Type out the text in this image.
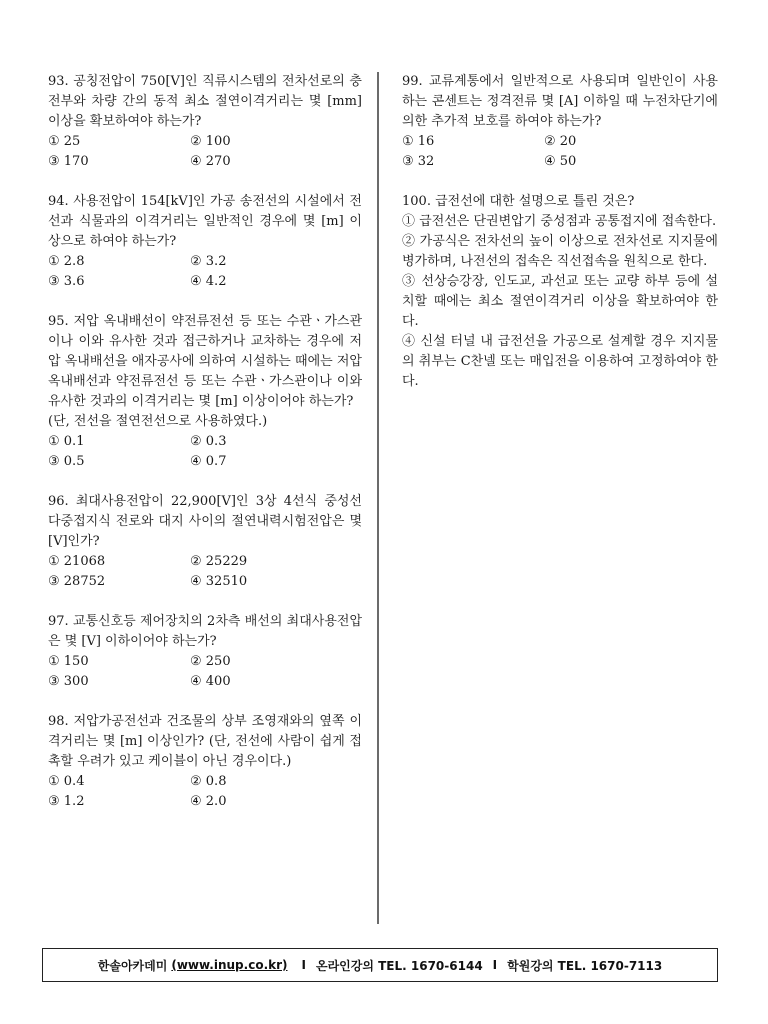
93. 공칭전압이 750[V]인 직류시스템의 전차선로의 충전부와 차량 간의 동적 최소 절연이격거리는 몇 [mm] 이상을 확보하여야 하는가?
① 25	② 100
③ 170	④ 270
94. 사용전압이 154[kV]인 가공 송전선의 시설에서 전선과 식물과의 이격거리는 일반적인 경우에 몇 [m] 이상으로 하여야 하는가?
① 2.8	② 3.2
③ 3.6	④ 4.2
95. 저압 옥내배선이 약전류전선 등 또는 수관ㆍ가스관이나 이와 유사한 것과 접근하거나 교차하는 경우에 저압 옥내배선을 애자공사에 의하여 시설하는 때에는 저압 옥내배선과 약전류전선 등 또는 수관ㆍ가스관이나 이와 유사한 것과의 이격거리는 몇 [m] 이상이어야 하는가?
(단, 전선을 절연전선으로 사용하였다.)
① 0.1	② 0.3
③ 0.5	④ 0.7
96. 최대사용전압이 22,900[V]인 3상 4선식 중성선 다중접지식 전로와 대지 사이의 절연내력시험전압은 몇 [V]인가?
① 21068	② 25229
③ 28752	④ 32510
97. 교통신호등 제어장치의 2차측 배선의 최대사용전압은 몇 [V] 이하이어야 하는가?
① 150	② 250
③ 300	④ 400
98. 저압가공전선과 건조물의 상부 조영재와의 옆쪽 이격거리는 몇 [m] 이상인가? (단, 전선에 사람이 쉽게 접촉할 우려가 있고 케이블이 아닌 경우이다.)
① 0.4	② 0.8
③ 1.2	④ 2.0
99. 교류계통에서 일반적으로 사용되며 일반인이 사용하는 콘센트는 정격전류 몇 [A] 이하일 때 누전차단기에 의한 추가적 보호를 하여야 하는가?
① 16	② 20
③ 32	④ 50
100. 급전선에 대한 설명으로 틀린 것은?
① 급전선은 단권변압기 중성점과 공통접지에 접속한다.
② 가공식은 전차선의 높이 이상으로 전차선로 지지물에 병가하며, 나전선의 접속은 직선접속을 원칙으로 한다.
③ 선상승강장, 인도교, 과선교 또는 교량 하부 등에 설치할 때에는 최소 절연이격거리 이상을 확보하여야 한다.
④ 신설 터널 내 급전선을 가공으로 설계할 경우 지지물의 취부는 C찬넬 또는 매입전을 이용하여 고정하여야 한다.
한솔아카데미 (www.inup.co.kr) I 온라인강의 TEL. 1670-6144 I 학원강의 TEL. 1670-7113
